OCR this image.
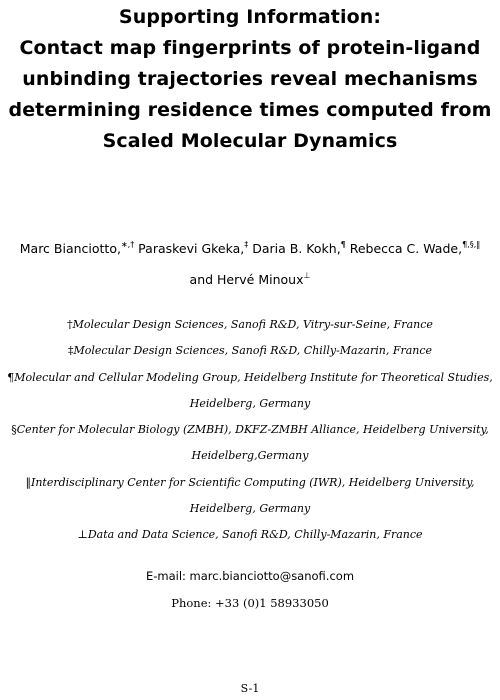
Supporting Information:
Contact map fingerprints of protein-ligand
unbinding trajectories reveal mechanisms
determining residence times computed from
Scaled Molecular Dynamics
Marc Bianciotto,∗,† Paraskevi Gkeka,‡ Daria B. Kokh,¶ Rebecca C. Wade,¶,§,‖
and Hervé Minoux⊥
†Molecular Design Sciences, Sanofi R&D, Vitry-sur-Seine, France
‡Molecular Design Sciences, Sanofi R&D, Chilly-Mazarin, France
¶Molecular and Cellular Modeling Group, Heidelberg Institute for Theoretical Studies,
Heidelberg, Germany
§Center for Molecular Biology (ZMBH), DKFZ-ZMBH Alliance, Heidelberg University,
Heidelberg,Germany
‖Interdisciplinary Center for Scientific Computing (IWR), Heidelberg University,
Heidelberg, Germany
⊥Data and Data Science, Sanofi R&D, Chilly-Mazarin, France
E-mail: marc.bianciotto@sanofi.com
Phone: +33 (0)1 58933050
S-1
